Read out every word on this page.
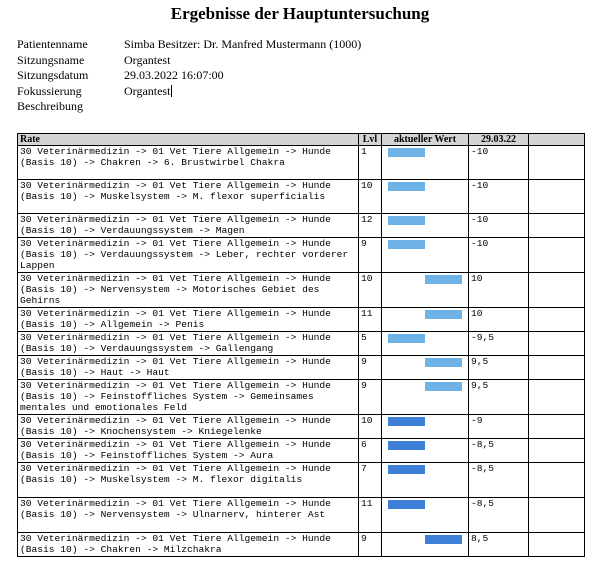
Ergebnisse der Hauptuntersuchung
Patientenname	Simba Besitzer: Dr. Manfred Mustermann (1000)
Sitzungsname	Organtest
Sitzungsdatum	29.03.2022 16:07:00
Fokussierung	Organtest
Beschreibung
Rate	Lvl	aktueller Wert	29.03.22	
30 Veterinärmedizin -> 01 Vet Tiere Allgemein -> Hunde (Basis 10) -> Chakren -> 6. Brustwirbel Chakra	1		-10	
30 Veterinärmedizin -> 01 Vet Tiere Allgemein -> Hunde (Basis 10) -> Muskelsystem -> M. flexor superficialis	10		-10	
30 Veterinärmedizin -> 01 Vet Tiere Allgemein -> Hunde (Basis 10) -> Verdauungssystem -> Magen	12		-10	
30 Veterinärmedizin -> 01 Vet Tiere Allgemein -> Hunde (Basis 10) -> Verdauungssystem -> Leber, rechter vorderer Lappen	9		-10	
30 Veterinärmedizin -> 01 Vet Tiere Allgemein -> Hunde (Basis 10) -> Nervensystem -> Motorisches Gebiet des Gehirns	10		10	
30 Veterinärmedizin -> 01 Vet Tiere Allgemein -> Hunde (Basis 10) -> Allgemein -> Penis	11		10	
30 Veterinärmedizin -> 01 Vet Tiere Allgemein -> Hunde (Basis 10) -> Verdauungssystem -> Gallengang	5		-9,5	
30 Veterinärmedizin -> 01 Vet Tiere Allgemein -> Hunde (Basis 10) -> Haut -> Haut	9		9,5	
30 Veterinärmedizin -> 01 Vet Tiere Allgemein -> Hunde (Basis 10) -> Feinstoffliches System -> Gemeinsames mentales und emotionales Feld	9		9,5	
30 Veterinärmedizin -> 01 Vet Tiere Allgemein -> Hunde (Basis 10) -> Knochensystem -> Kniegelenke	10		-9	
30 Veterinärmedizin -> 01 Vet Tiere Allgemein -> Hunde (Basis 10) -> Feinstoffliches System -> Aura	6		-8,5	
30 Veterinärmedizin -> 01 Vet Tiere Allgemein -> Hunde (Basis 10) -> Muskelsystem -> M. flexor digitalis	7		-8,5	
30 Veterinärmedizin -> 01 Vet Tiere Allgemein -> Hunde (Basis 10) -> Nervensystem -> Ulnarnerv, hinterer Ast	11		-8,5	
30 Veterinärmedizin -> 01 Vet Tiere Allgemein -> Hunde (Basis 10) -> Chakren -> Milzchakra	9		8,5	
